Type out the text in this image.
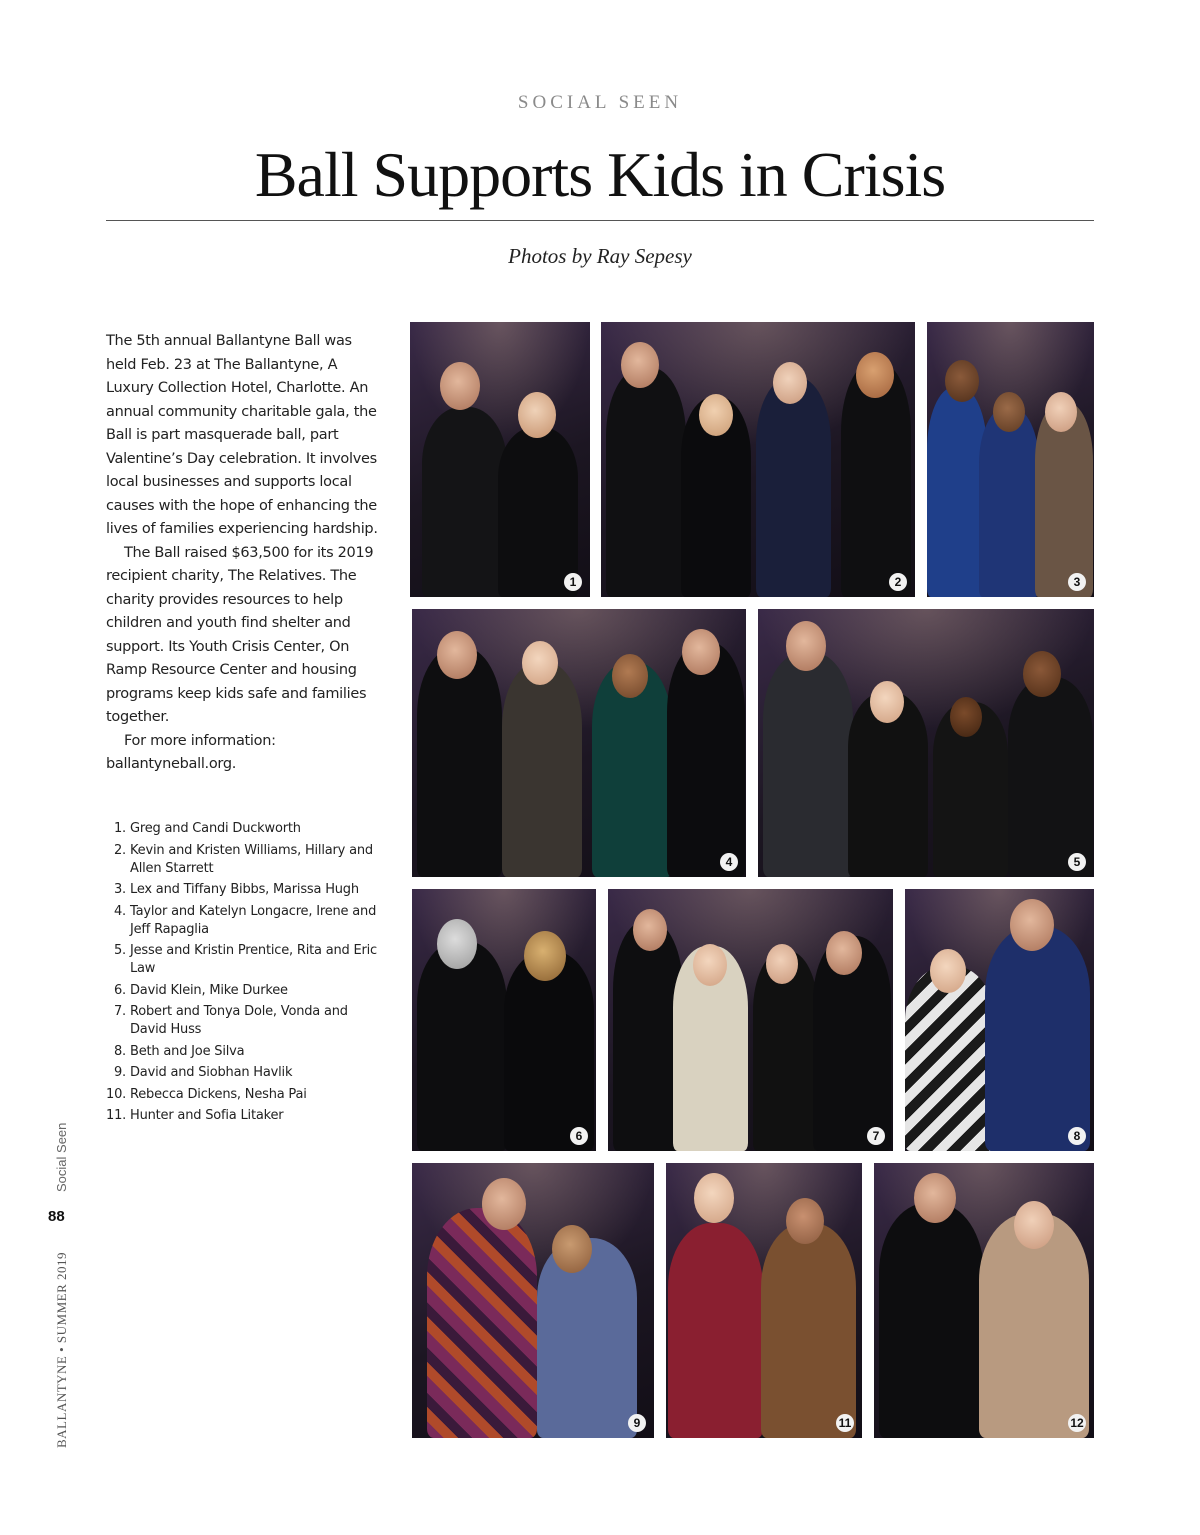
SOCIAL SEEN
Ball Supports Kids in Crisis
Photos by Ray Sepesy

The 5th annual Ballantyne Ball was held Feb. 23 at The Ballantyne, A Luxury Collection Hotel, Charlotte. An annual community charitable gala, the Ball is part masquerade ball, part Valentine’s Day celebration. It involves local businesses and supports local causes with the hope of enhancing the lives of families experiencing hardship.

The Ball raised $63,500 for its 2019 recipient charity, The Relatives. The charity provides resources to help children and youth find shelter and support. Its Youth Crisis Center, On Ramp Resource Center and housing programs keep kids safe and families together.

For more information: ballantyneball.org.

1. Greg and Candi Duckworth
2. Kevin and Kristen Williams, Hillary and Allen Starrett
3. Lex and Tiffany Bibbs, Marissa Hugh
4. Taylor and Katelyn Longacre, Irene and Jeff Rapaglia
5. Jesse and Kristin Prentice, Rita and Eric Law
6. David Klein, Mike Durkee
7. Robert and Tonya Dole, Vonda and David Huss
8. Beth and Joe Silva
9. David and Siobhan Havlik
10. Rebecca Dickens, Nesha Pai
11. Hunter and Sofia Litaker
1	2	3
4	5
6	7	8
9	11	12
Social Seen
88
BALLANTYNE • SUMMER 2019
